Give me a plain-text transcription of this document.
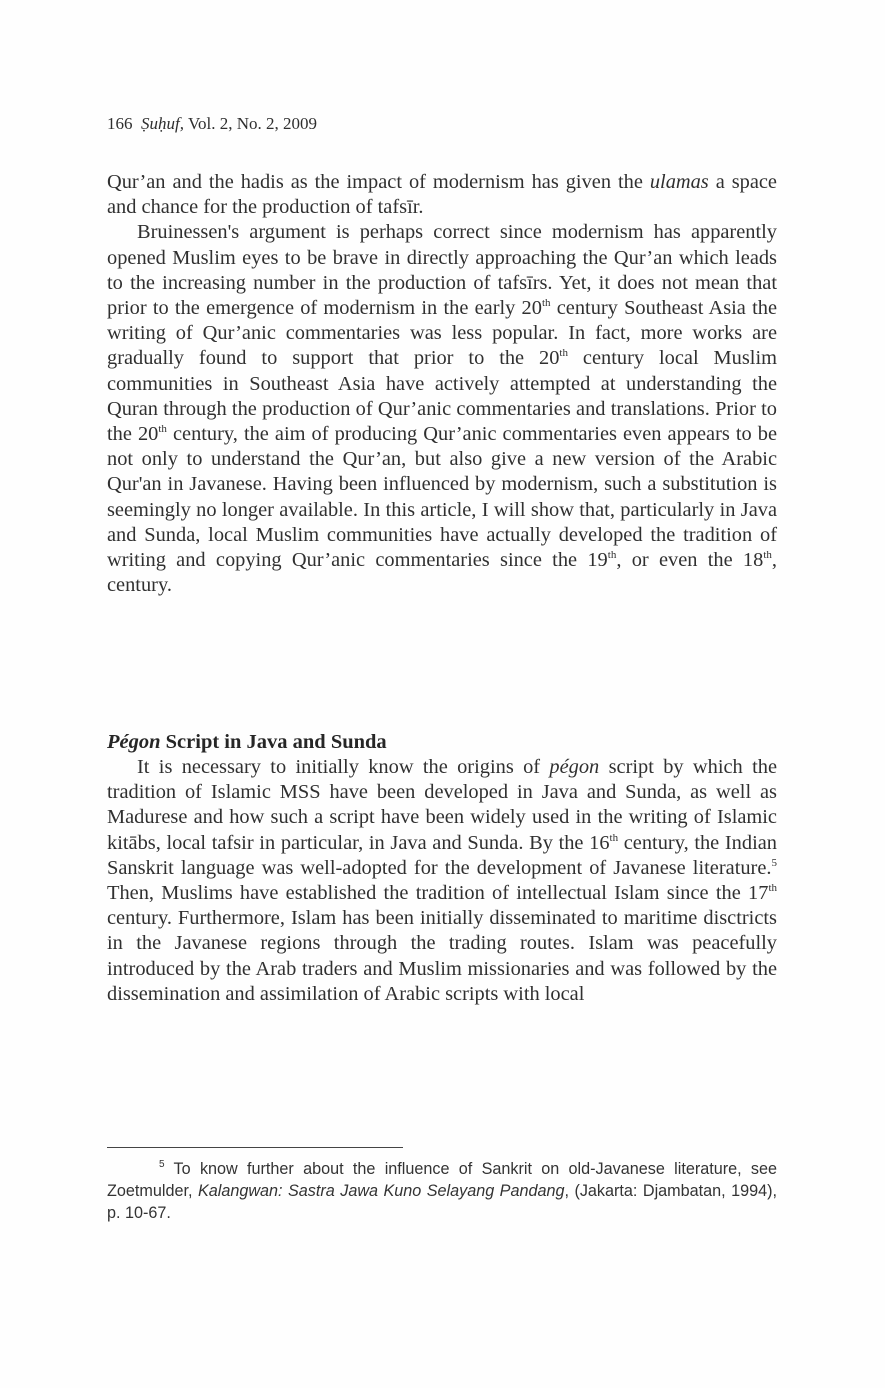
166 Ṣuḥuf, Vol. 2, No. 2, 2009

Qur’an and the hadis as the impact of modernism has given the ulamas a space and chance for the production of tafsīr.

Bruinessen's argument is perhaps correct since modernism has apparently opened Muslim eyes to be brave in directly approaching the Qur’an which leads to the increasing number in the production of tafsīrs. Yet, it does not mean that prior to the emergence of modernism in the early 20th century Southeast Asia the writing of Qur’anic commentaries was less popular. In fact, more works are gradually found to support that prior to the 20th century local Muslim communities in Southeast Asia have actively attempted at understanding the Quran through the production of Qur’anic commentaries and translations. Prior to the 20th century, the aim of producing Qur’anic commentaries even appears to be not only to understand the Qur’an, but also give a new version of the Arabic Qur'an in Javanese. Having been influenced by modernism, such a substitution is seemingly no longer available. In this article, I will show that, particularly in Java and Sunda, local Muslim communities have actually developed the tradition of writing and copying Qur’anic commentaries since the 19th, or even the 18th, century.

Pégon Script in Java and Sunda

It is necessary to initially know the origins of pégon script by which the tradition of Islamic MSS have been developed in Java and Sunda, as well as Madurese and how such a script have been widely used in the writing of Islamic kitābs, local tafsir in particular, in Java and Sunda. By the 16th century, the Indian Sanskrit language was well-adopted for the development of Javanese literature.$^5$ Then, Muslims have established the tradition of intellectual Islam since the 17th century. Furthermore, Islam has been initially disseminated to maritime disctricts in the Javanese regions through the trading routes. Islam was peacefully introduced by the Arab traders and Muslim missionaries and was followed by the dissemination and assimilation of Arabic scripts with local

$^5$ To know further about the influence of Sankrit on old-Javanese literature, see Zoetmulder, Kalangwan: Sastra Jawa Kuno Selayang Pandang, (Jakarta: Djambatan, 1994), p. 10-67.
